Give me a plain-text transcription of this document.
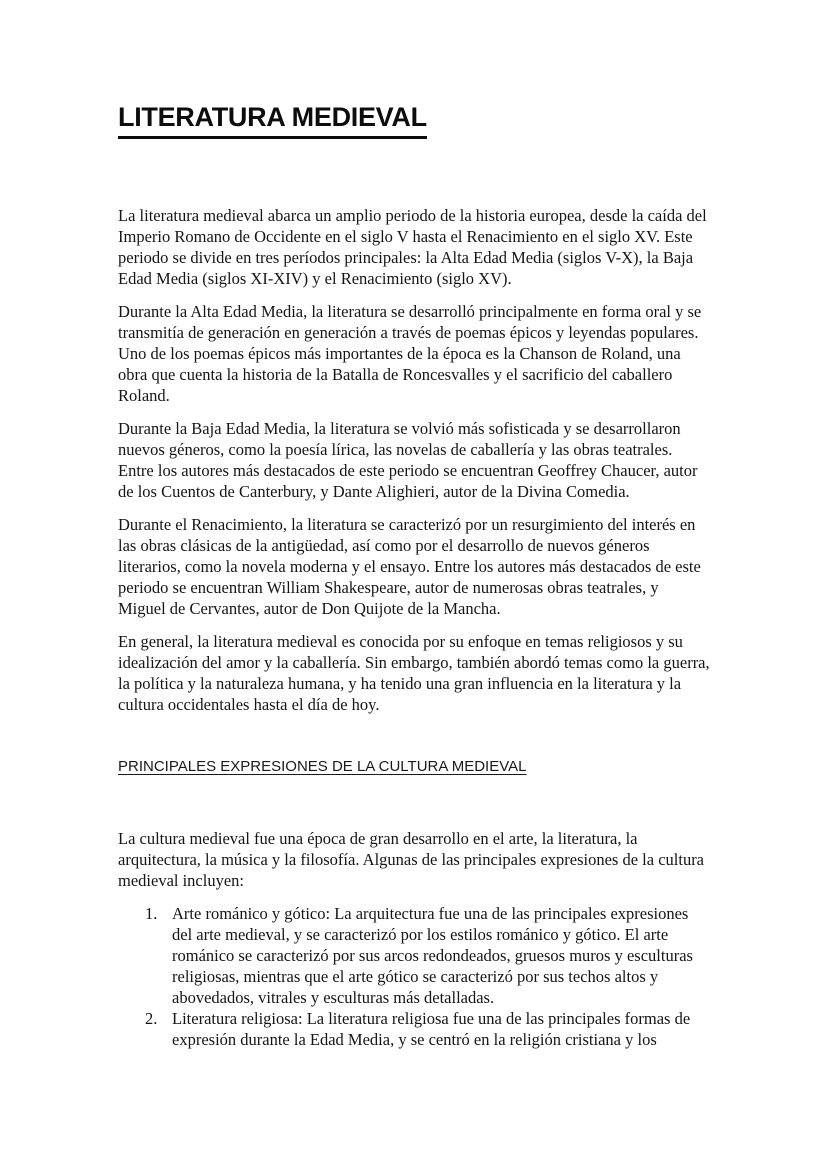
LITERATURA MEDIEVAL

La literatura medieval abarca un amplio periodo de la historia europea, desde la caída del Imperio Romano de Occidente en el siglo V hasta el Renacimiento en el siglo XV. Este periodo se divide en tres períodos principales: la Alta Edad Media (siglos V-X), la Baja Edad Media (siglos XI-XIV) y el Renacimiento (siglo XV).

Durante la Alta Edad Media, la literatura se desarrolló principalmente en forma oral y se transmitía de generación en generación a través de poemas épicos y leyendas populares. Uno de los poemas épicos más importantes de la época es la Chanson de Roland, una obra que cuenta la historia de la Batalla de Roncesvalles y el sacrificio del caballero Roland.

Durante la Baja Edad Media, la literatura se volvió más sofisticada y se desarrollaron nuevos géneros, como la poesía lírica, las novelas de caballería y las obras teatrales. Entre los autores más destacados de este periodo se encuentran Geoffrey Chaucer, autor de los Cuentos de Canterbury, y Dante Alighieri, autor de la Divina Comedia.

Durante el Renacimiento, la literatura se caracterizó por un resurgimiento del interés en las obras clásicas de la antigüedad, así como por el desarrollo de nuevos géneros literarios, como la novela moderna y el ensayo. Entre los autores más destacados de este periodo se encuentran William Shakespeare, autor de numerosas obras teatrales, y Miguel de Cervantes, autor de Don Quijote de la Mancha.

En general, la literatura medieval es conocida por su enfoque en temas religiosos y su idealización del amor y la caballería. Sin embargo, también abordó temas como la guerra, la política y la naturaleza humana, y ha tenido una gran influencia en la literatura y la cultura occidentales hasta el día de hoy.

PRINCIPALES EXPRESIONES DE LA CULTURA MEDIEVAL

La cultura medieval fue una época de gran desarrollo en el arte, la literatura, la arquitectura, la música y la filosofía. Algunas de las principales expresiones de la cultura medieval incluyen:

1. Arte románico y gótico: La arquitectura fue una de las principales expresiones del arte medieval, y se caracterizó por los estilos románico y gótico. El arte románico se caracterizó por sus arcos redondeados, gruesos muros y esculturas religiosas, mientras que el arte gótico se caracterizó por sus techos altos y abovedados, vitrales y esculturas más detalladas.
2. Literatura religiosa: La literatura religiosa fue una de las principales formas de expresión durante la Edad Media, y se centró en la religión cristiana y los
